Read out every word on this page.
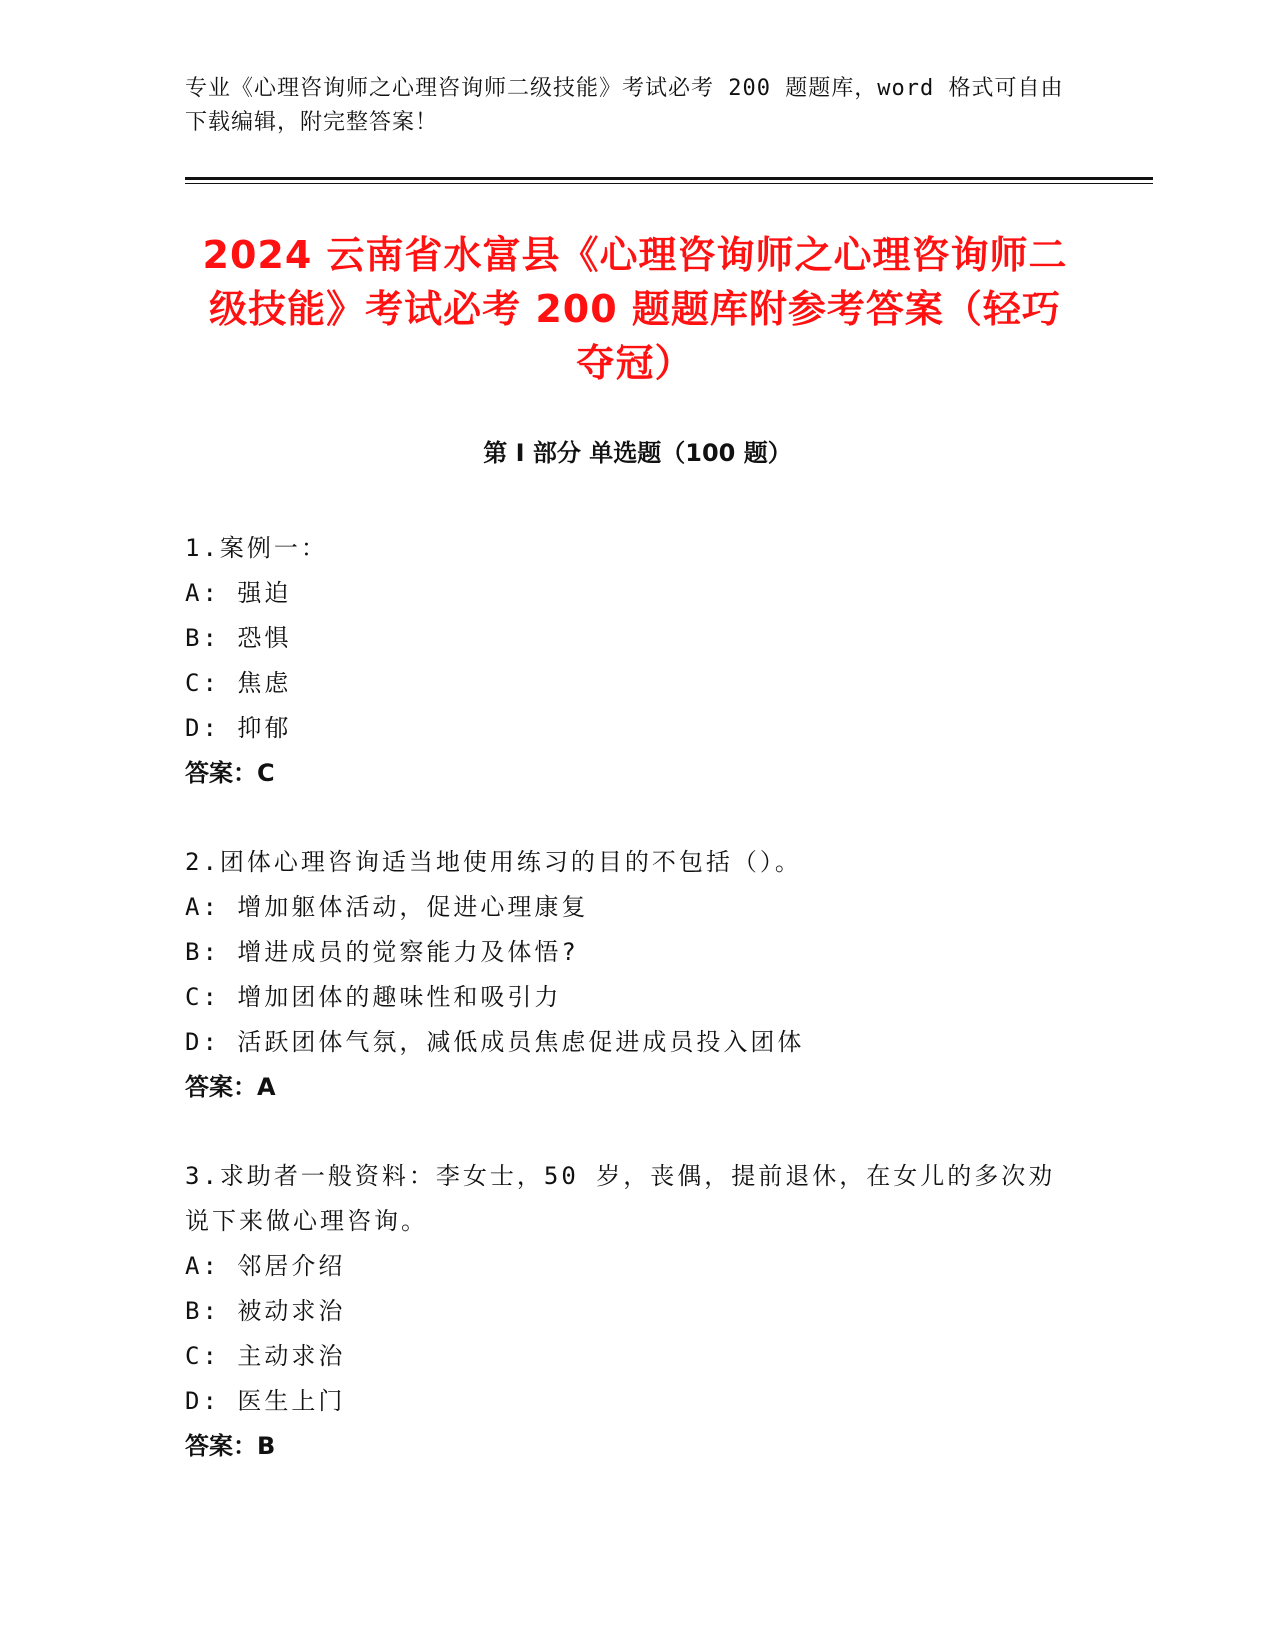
专业《心理咨询师之心理咨询师二级技能》考试必考 200 题题库，word 格式可自由下载编辑，附完整答案！
2024 云南省水富县《心理咨询师之心理咨询师二级技能》考试必考 200 题题库附参考答案（轻巧夺冠）
第 I 部分 单选题（100 题）
1.案例一：
A: 强迫
B: 恐惧
C: 焦虑
D: 抑郁
答案：C
2.团体心理咨询适当地使用练习的目的不包括（）。
A: 增加躯体活动，促进心理康复
B: 增进成员的觉察能力及体悟?
C: 增加团体的趣味性和吸引力
D: 活跃团体气氛，减低成员焦虑促进成员投入团体
答案：A
3.求助者一般资料：李女士，50 岁，丧偶，提前退休，在女儿的多次劝说下来做心理咨询。
A: 邻居介绍
B: 被动求治
C: 主动求治
D: 医生上门
答案：B
